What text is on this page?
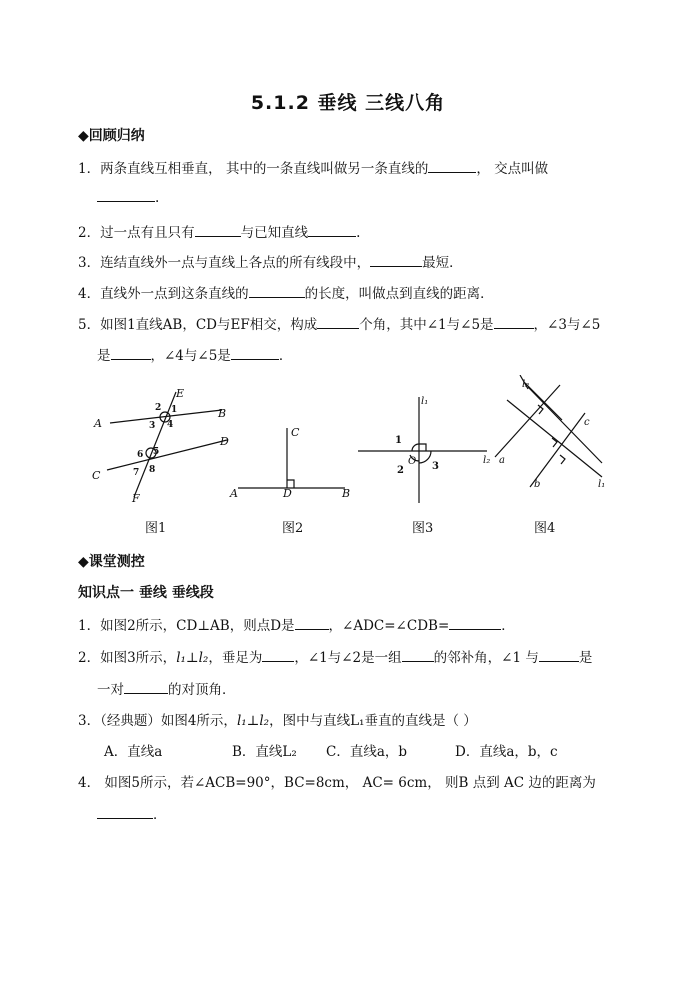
5.1.2 垂线 三线八角
◆回顾归纳
1．两条直线互相垂直， 其中的一条直线叫做另一条直线的	， 交点叫做
.
2．过一点有且只有	与已知直线	.
3．连结直线外一点与直线上各点的所有线段中，	最短．
4．直线外一点到这条直线的	的长度，叫做点到直线的距离．
5．如图1直线AB，CD与EF相交，构成	个角，其中∠1与∠5是	，∠3与∠5
是	，∠4与∠5是	．
E
A
B
C
D
F
1
2
3 4
5
6
7 8
C
A	D	B
l₁
l₂
1
2	3
O
l₂
c
a
b	l₁
图1	图2	图3	图4
◆课堂测控
知识点一 垂线 垂线段
1．如图2所示，CD⊥AB，则点D是	，∠ADC=∠CDB=	．
2．如图3所示，l₁⊥l₂，垂足为 ，∠1与∠2是一组 的邻补角，∠1 与	是
一对	的对顶角．
3．（经典题）如图4所示，l₁⊥l₂，图中与直线L₁垂直的直线是（ ）
A．直线a	B．直线L₂ C．直线a，b	D．直线a，b，c
4． 如图5所示，若∠ACB=90°，BC=8cm， AC= 6cm， 则B 点到 AC 边的距离为
．
